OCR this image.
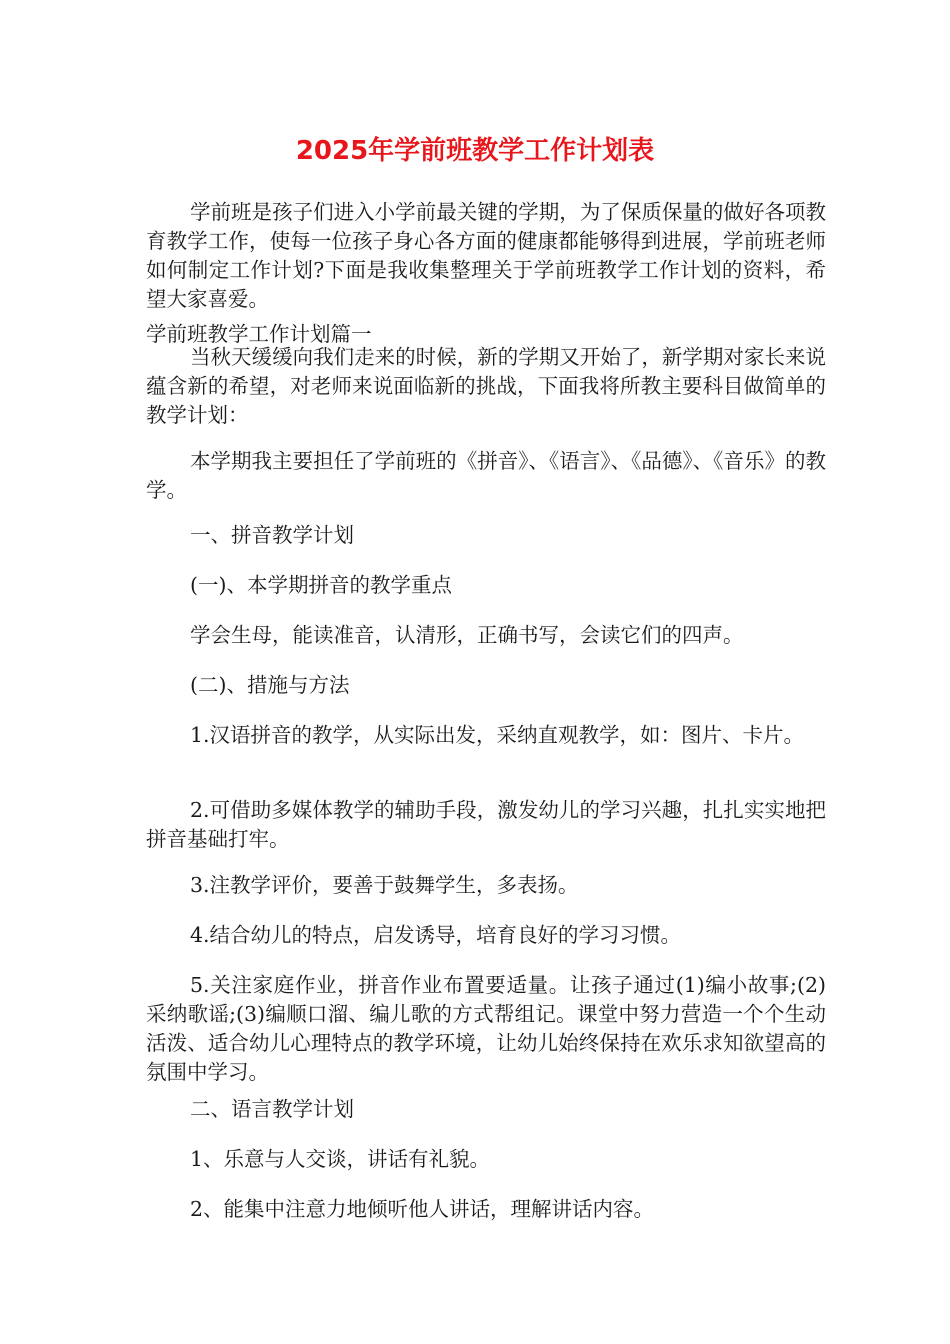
2025年学前班教学工作计划表

学前班是孩子们进入小学前最关键的学期，为了保质保量的做好各项教育教学工作，使每一位孩子身心各方面的健康都能够得到进展，学前班老师如何制定工作计划?下面是我收集整理关于学前班教学工作计划的资料，希望大家喜爱。

学前班教学工作计划篇一

当秋天缓缓向我们走来的时候，新的学期又开始了，新学期对家长来说蕴含新的希望，对老师来说面临新的挑战，下面我将所教主要科目做简单的教学计划：

本学期我主要担任了学前班的《拼音》、《语言》、《品德》、《音乐》的教学。

一、拼音教学计划

(一)、本学期拼音的教学重点

学会生母，能读准音，认清形，正确书写，会读它们的四声。

(二)、措施与方法

1.汉语拼音的教学，从实际出发，采纳直观教学，如：图片、卡片。

2.可借助多媒体教学的辅助手段，激发幼儿的学习兴趣，扎扎实实地把拼音基础打牢。

3.注教学评价，要善于鼓舞学生，多表扬。

4.结合幼儿的特点，启发诱导，培育良好的学习习惯。

5.关注家庭作业，拼音作业布置要适量。让孩子通过(1)编小故事;(2)采纳歌谣;(3)编顺口溜、编儿歌的方式帮组记。课堂中努力营造一个个生动活泼、适合幼儿心理特点的教学环境，让幼儿始终保持在欢乐求知欲望高的氛围中学习。

二、语言教学计划

1、乐意与人交谈，讲话有礼貌。

2、能集中注意力地倾听他人讲话，理解讲话内容。
